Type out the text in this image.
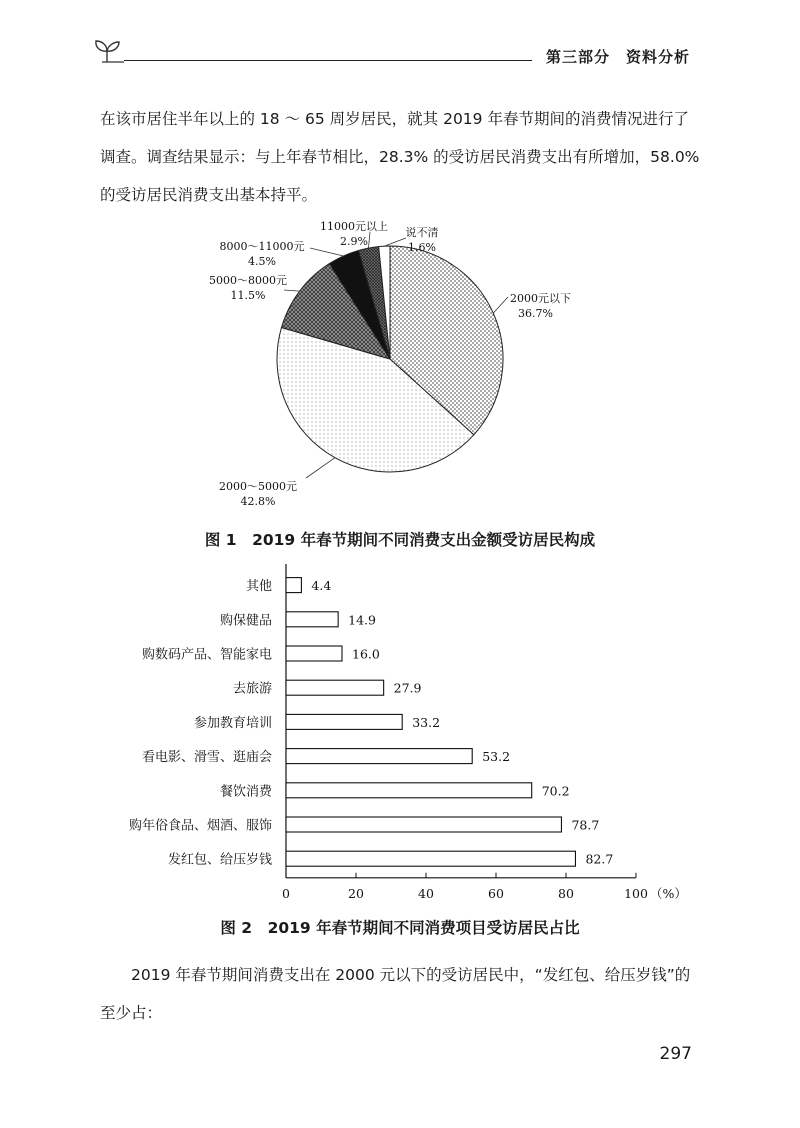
第三部分　资料分析

在该市居住半年以上的 18 ～ 65 周岁居民，就其 2019 年春节期间的消费情况进行了调查。调查结果显示：与上年春节相比，28.3% 的受访居民消费支出有所增加，58.0% 的受访居民消费支出基本持平。

2000元以下
36.7%
2000～5000元
42.8%
5000～8000元
11.5%
8000～11000元
4.5%
11000元以上
2.9%
说不清
1.6%
图 1　2019 年春节期间不同消费支出金额受访居民构成
其他
购保健品
购数码产品、智能家电
去旅游
参加教育培训
看电影、滑雪、逛庙会
餐饮消费
购年俗食品、烟酒、服饰
发红包、给压岁钱
4.4
14.9
16.0
27.9
33.2
53.2
70.2
78.7
82.7
0	20	40	60	80	100 （%）
图 2　2019 年春节期间不同消费项目受访居民占比

2019 年春节期间消费支出在 2000 元以下的受访居民中，“发红包、给压岁钱”的至少占：

297
